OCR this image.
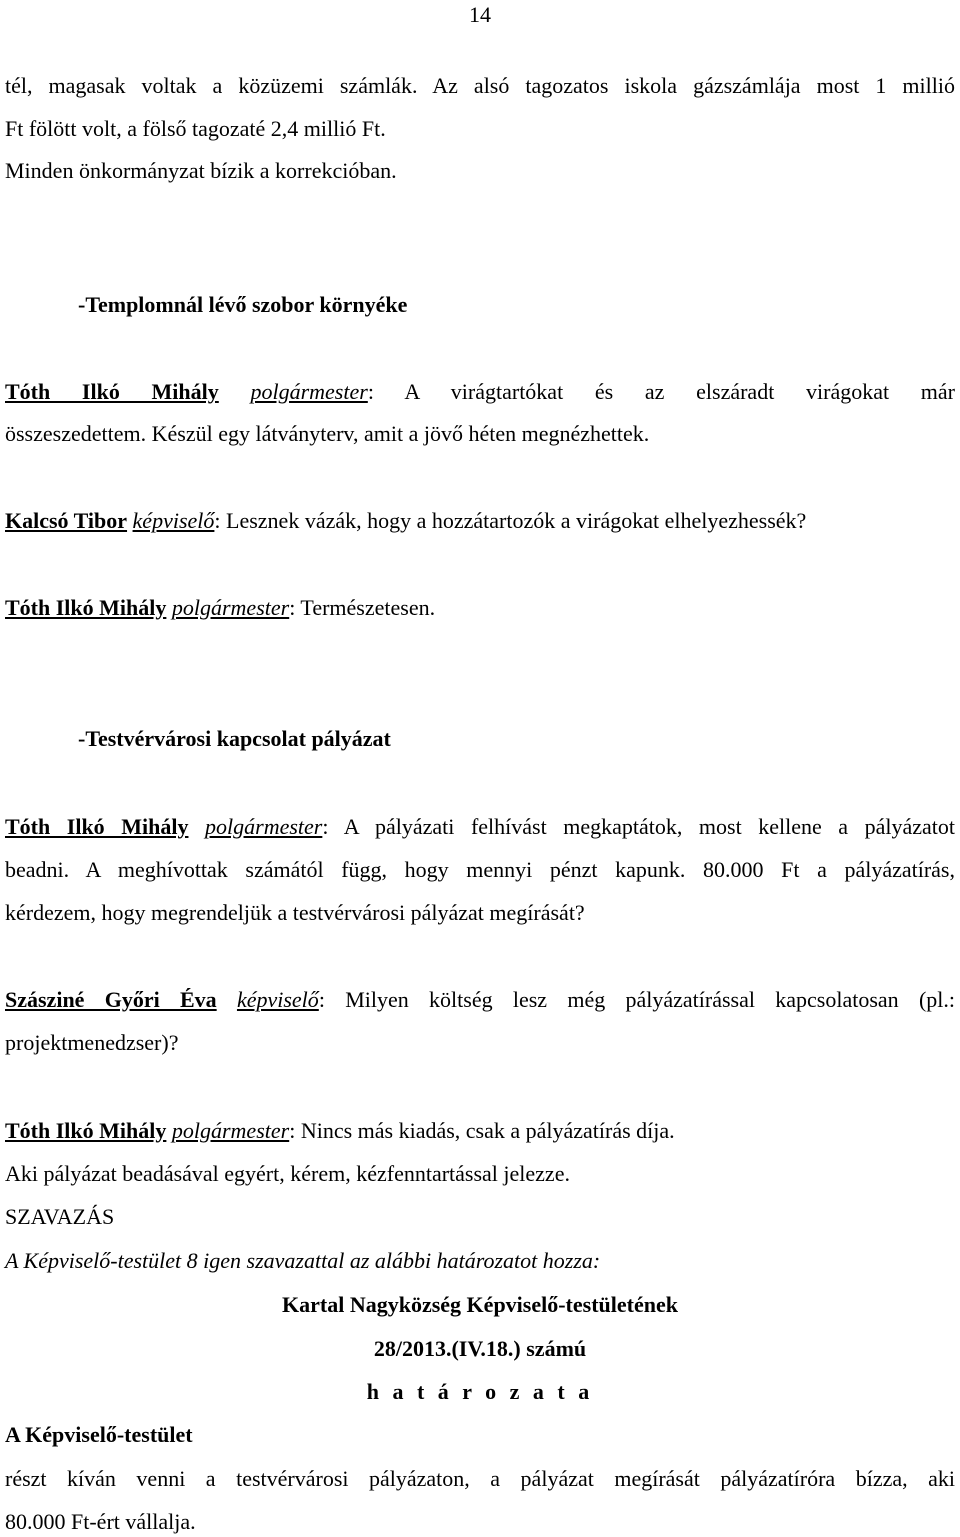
14
tél, magasak voltak a közüzemi számlák. Az alsó tagozatos iskola gázszámlája most 1 millió
Ft fölött volt, a fölső tagozaté 2,4 millió Ft.
Minden önkormányzat bízik a korrekcióban.
-Templomnál lévő szobor környéke
Tóth Ilkó Mihály polgármester: A virágtartókat és az elszáradt virágokat már
összeszedettem. Készül egy látványterv, amit a jövő héten megnézhettek.
Kalcsó Tibor képviselő: Lesznek vázák, hogy a hozzátartozók a virágokat elhelyezhessék?
Tóth Ilkó Mihály polgármester: Természetesen.
-Testvérvárosi kapcsolat pályázat
Tóth Ilkó Mihály polgármester: A pályázati felhívást megkaptátok, most kellene a pályázatot
beadni. A meghívottak számától függ, hogy mennyi pénzt kapunk. 80.000 Ft a pályázatírás,
kérdezem, hogy megrendeljük a testvérvárosi pályázat megírását?
Szásziné Győri Éva képviselő: Milyen költség lesz még pályázatírással kapcsolatosan (pl.:
projektmenedzser)?
Tóth Ilkó Mihály polgármester: Nincs más kiadás, csak a pályázatírás díja.
Aki pályázat beadásával egyért, kérem, kézfenntartással jelezze.
SZAVAZÁS
A Képviselő-testület 8 igen szavazattal az alábbi határozatot hozza:
Kartal Nagyközség Képviselő-testületének
28/2013.(IV.18.) számú
h a t á r o z a t a
A Képviselő-testület
részt kíván venni a testvérvárosi pályázaton, a pályázat megírását pályázatíróra bízza, aki
80.000 Ft-ért vállalja.
